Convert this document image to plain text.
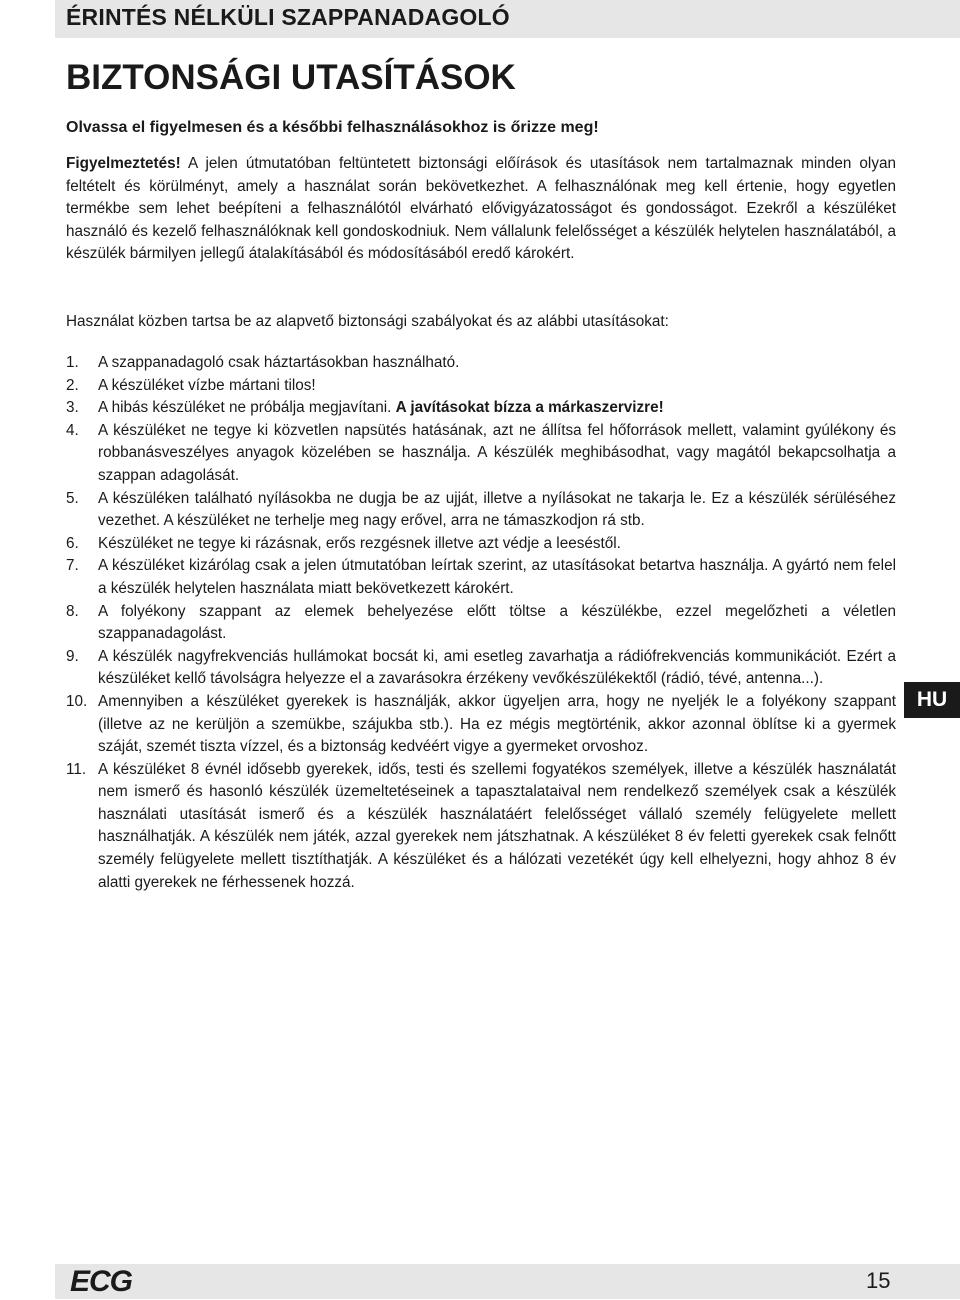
ÉRINTÉS NÉLKÜLI SZAPPANADAGOLÓ
BIZTONSÁGI UTASÍTÁSOK
Olvassa el figyelmesen és a későbbi felhasználásokhoz is őrizze meg!

Figyelmeztetés! A jelen útmutatóban feltüntetett biztonsági előírások és utasítások nem tartalmaznak minden olyan feltételt és körülményt, amely a használat során bekövetkezhet. A felhasználónak meg kell értenie, hogy egyetlen termékbe sem lehet beépíteni a felhasználótól elvárható elővigyázatosságot és gondosságot. Ezekről a készüléket használó és kezelő felhasználóknak kell gondoskodniuk. Nem vállalunk felelősséget a készülék helytelen használatából, a készülék bármilyen jellegű átalakításából és módosításából eredő károkért.

Használat közben tartsa be az alapvető biztonsági szabályokat és az alábbi utasításokat:

1.	A szappanadagoló csak háztartásokban használható.
2.	A készüléket vízbe mártani tilos!
3.	A hibás készüléket ne próbálja megjavítani. A javításokat bízza a márkaszervizre!
4.	A készüléket ne tegye ki közvetlen napsütés hatásának, azt ne állítsa fel hőforrások mellett, valamint gyúlékony és robbanásveszélyes anyagok közelében se használja. A készülék meghibásodhat, vagy magától bekapcsolhatja a szappan adagolását.
5.	A készüléken található nyílásokba ne dugja be az ujját, illetve a nyílásokat ne takarja le. Ez a készülék sérüléséhez vezethet. A készüléket ne terhelje meg nagy erővel, arra ne támaszkodjon rá stb.
6.	Készüléket ne tegye ki rázásnak, erős rezgésnek illetve azt védje a leeséstől.
7.	A készüléket kizárólag csak a jelen útmutatóban leírtak szerint, az utasításokat betartva használja. A gyártó nem felel a készülék helytelen használata miatt bekövetkezett károkért.
8.	A folyékony szappant az elemek behelyezése előtt töltse a készülékbe, ezzel megelőzheti a véletlen szappanadagolást.
9.	A készülék nagyfrekvenciás hullámokat bocsát ki, ami esetleg zavarhatja a rádiófrekvenciás kommunikációt. Ezért a készüléket kellő távolságra helyezze el a zavarásokra érzékeny vevőkészülékektől (rádió, tévé, antenna...).
10. Amennyiben a készüléket gyerekek is használják, akkor ügyeljen arra, hogy ne nyeljék le a folyékony szappant (illetve az ne kerüljön a szemükbe, szájukba stb.). Ha ez mégis megtörténik, akkor azonnal öblítse ki a gyermek száját, szemét tiszta vízzel, és a biztonság kedvéért vigye a gyermeket orvoshoz.
11. A készüléket 8 évnél idősebb gyerekek, idős, testi és szellemi fogyatékos személyek, illetve a készülék használatát nem ismerő és hasonló készülék üzemeltetéseinek a tapasztalataival nem rendelkező személyek csak a készülék használati utasítását ismerő és a készülék használatáért felelősséget vállaló személy felügyelete mellett használhatják. A készülék nem játék, azzal gyerekek nem játszhatnak. A készüléket 8 év feletti gyerekek csak felnőtt személy felügyelete mellett tisztíthatják. A készüléket és a hálózati vezetékét úgy kell elhelyezni, hogy ahhoz 8 év alatti gyerekek ne férhessenek hozzá.
HU
ECG	15
